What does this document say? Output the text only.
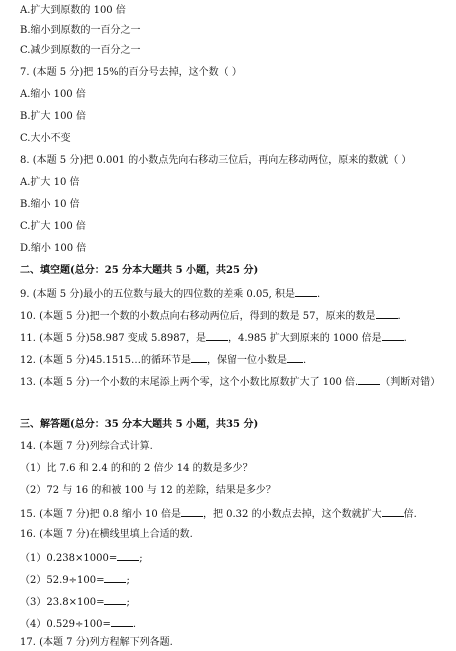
A.扩大到原数的 100 倍
B.缩小到原数的一百分之一
C.减少到原数的一百分之一
7. (本题 5 分)把 15%的百分号去掉，这个数（ ）
A.缩小 100 倍
B.扩大 100 倍
C.大小不变
8. (本题 5 分)把 0.001 的小数点先向右移动三位后，再向左移动两位，原来的数就（ ）
A.扩大 10 倍
B.缩小 10 倍
C.扩大 100 倍
D.缩小 100 倍
二、填空题(总分：25 分本大题共 5 小题，共25 分)
9. (本题 5 分)最小的五位数与最大的四位数的差乘 0.05, 积是 .
10. (本题 5 分)把一个数的小数点向右移动两位后，得到的数是 57，原来的数是 .
11. (本题 5 分)58.987 变成 5.8987，是 ，4.985 扩大到原来的 1000 倍是 .
12. (本题 5 分)45.1515…的循环节是 ，保留一位小数是 .
13. (本题 5 分)一个小数的末尾添上两个零，这个小数比原数扩大了 100 倍. （判断对错）
三、解答题(总分：35 分本大题共 5 小题，共35 分)
14. (本题 7 分)列综合式计算.
（1）比 7.6 和 2.4 的和的 2 倍少 14 的数是多少？
（2）72 与 16 的和被 100 与 12 的差除，结果是多少？
15. (本题 7 分)把 0.8 缩小 10 倍是 ，把 0.32 的小数点去掉，这个数就扩大 倍.
16. (本题 7 分)在横线里填上合适的数.
（1）0.238×1000= ;
（2）52.9÷100= ;
（3）23.8×100= ;
（4）0.529÷100= .
17. (本题 7 分)列方程解下列各题.
